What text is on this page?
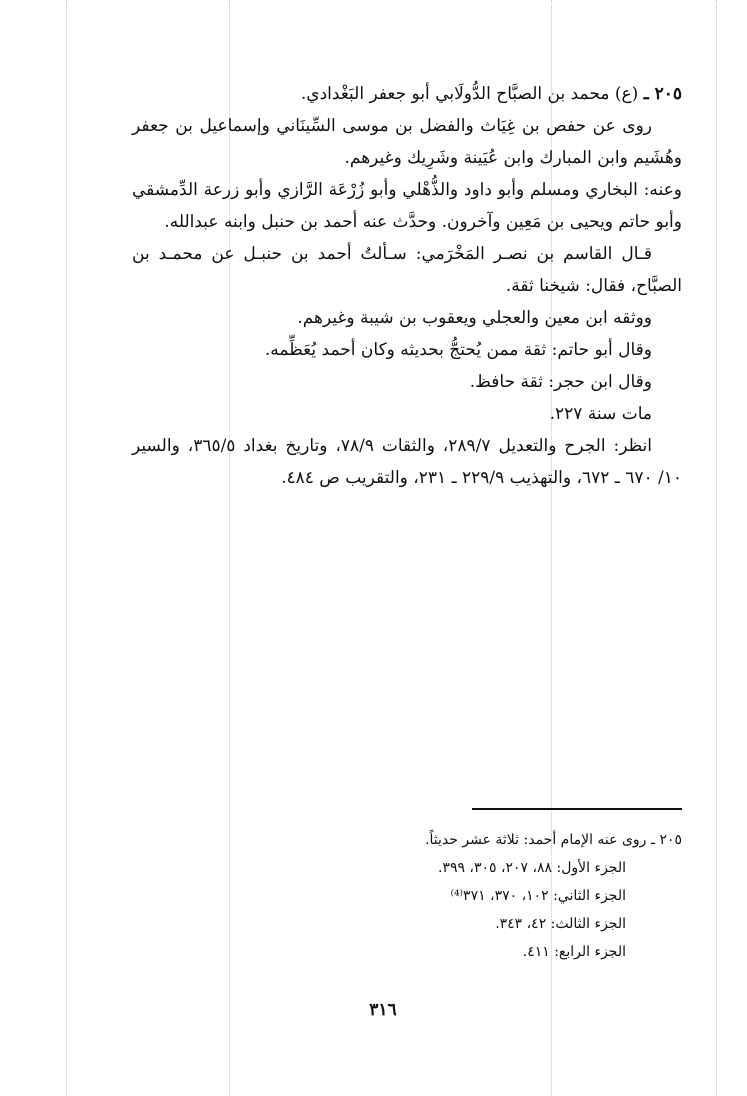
٢٠٥ ـ (ع) محمد بن الصبَّاح الدُّولَابي أبو جعفر البَغْدادي.

روى عن حفص بن غِيَاث والفضل بن موسى السِّينَاني وإسماعيل بن جعفر وهُشَيم وابن المبارك وابن عُيَينة وشَرِيك وغيرهم.

وعنه: البخاري ومسلم وأبو داود والذُّهْلي وأبو زُرْعَة الرَّازي وأبو زرعة الدِّمشقي وأبو حاتم ويحيى بن مَعِين وآخرون. وحدَّث عنه أحمد بن حنبل وابنه عبدالله.

قـال القاسم بن نصـر المَخْرَمي: سـألتُ أحمد بن حنبـل عن محمـد بن الصبَّاح، فقال: شيخنا ثقة.

ووثقه ابن معين والعجلي ويعقوب بن شيبة وغيرهم.

وقال أبو حاتم: ثقة ممن يُحتجُّ بحديثه وكان أحمد يُعَظِّمه.

وقال ابن حجر: ثقة حافظ.

مات سنة ٢٢٧.

انظر: الجرح والتعديل ٢٨٩/٧، والثقات ٧٨/٩، وتاريخ بغداد ٣٦٥/٥، والسير ١٠/ ٦٧٠ ـ ٦٧٢، والتهذيب ٢٢٩/٩ ـ ٢٣١، والتقريب ص ٤٨٤.

٢٠٥ ـ روى عنه الإمام أحمد: ثلاثة عشر حديثاً.

الجزء الأول: ٨٨، ٢٠٧، ٣٠٥، ٣٩٩.

الجزء الثاني: ١٠٢، ٣٧٠، ٣٧١⁽⁴⁾

الجزء الثالث: ٤٢، ٣٤٣.

الجزء الرابع: ٤١١.

٣١٦
